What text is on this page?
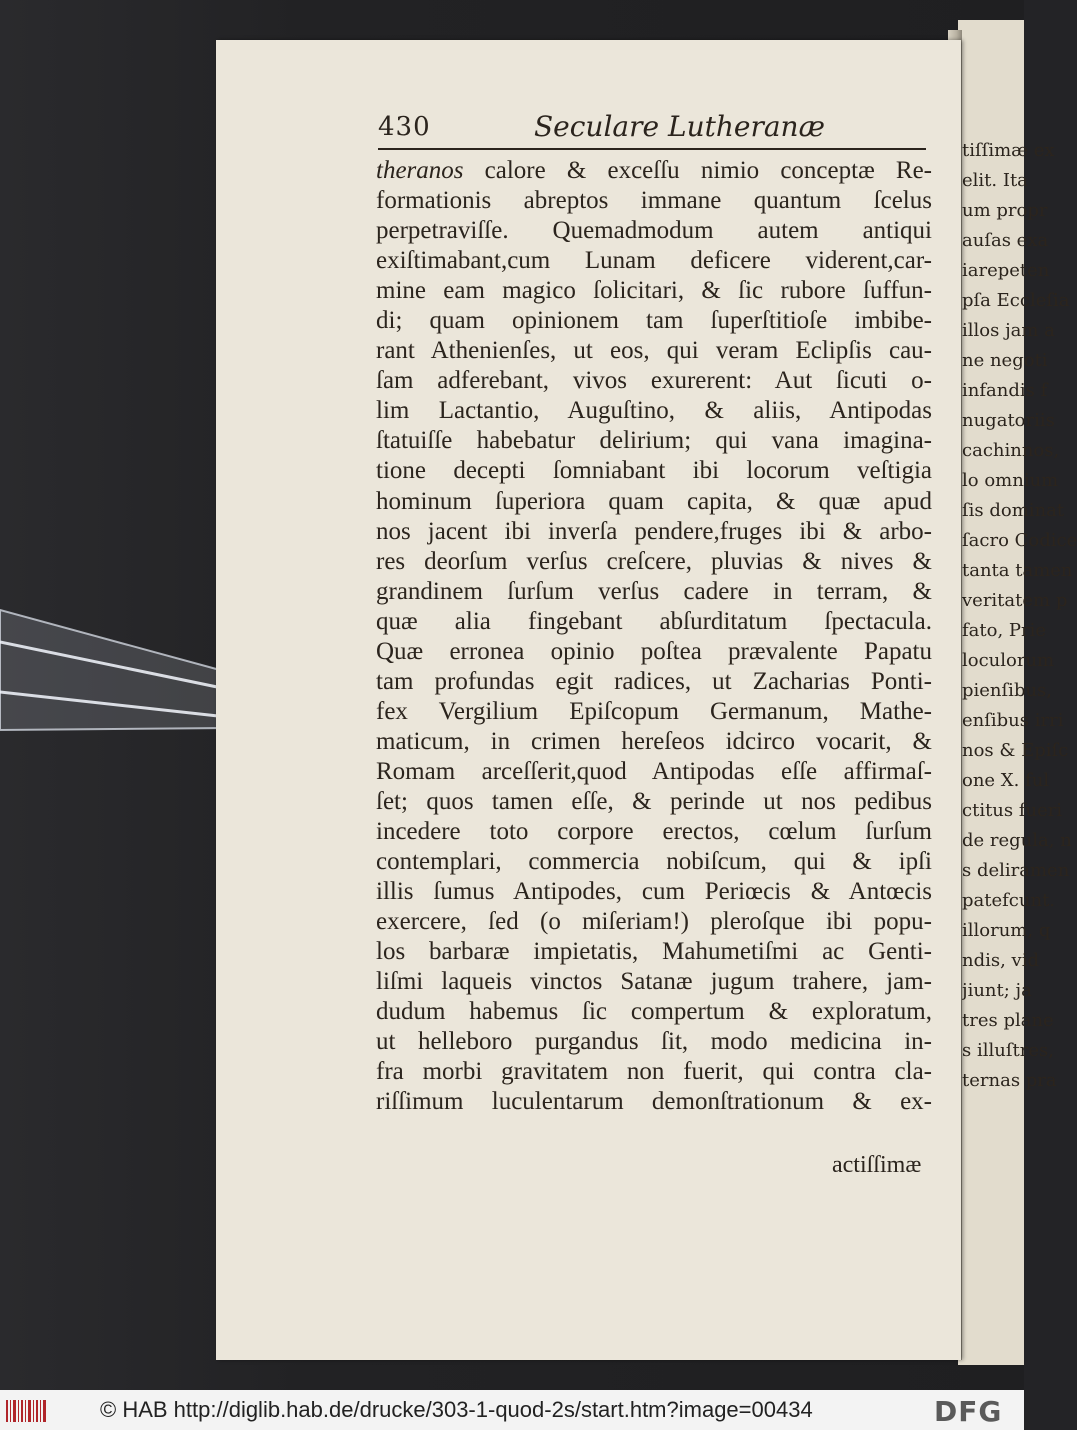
tiſſimæ ex
elit. Ita
um propr
auſas exa
iarepeten
pſa Eccleſia
illos jam a
ne negoti
infandis f
nugatoriis
cachinnos,
lo omnium
ſis dominat
ſacro Codice
tanta tamen
veritatem p
fato, Prie
loculorum
pienſibus,
enſibus irri
nos & Epiſc
one X. ful
ctitus fueri
de regula, n
s deliramen
patefcunt.
illorum, q
ndis, vid
jiunt; ja
tres plane
s illuſtres,
ternas pra
430	Seculare Lutheranæ
theranos calore & exceſſu nimio conceptæ Re-
formationis abreptos immane quantum ſcelus
perpetraviſſe. Quemadmodum autem antiqui
exiſtimabant,cum Lunam deficere viderent,car-
mine eam magico ſolicitari, & ſic rubore ſuffun-
di; quam opinionem tam ſuperſtitioſe imbibe-
rant Athenienſes, ut eos, qui veram Eclipſis cau-
ſam adferebant, vivos exurerent: Aut ſicuti o-
lim Lactantio, Auguſtino, & aliis, Antipodas
ſtatuiſſe habebatur delirium; qui vana imagina-
tione decepti ſomniabant ibi locorum veſtigia
hominum ſuperiora quam capita, & quæ apud
nos jacent ibi inverſa pendere,fruges ibi & arbo-
res deorſum verſus creſcere, pluvias & nives &
grandinem ſurſum verſus cadere in terram, &
quæ alia fingebant abſurditatum ſpectacula.
Quæ erronea opinio poſtea prævalente Papatu
tam profundas egit radices, ut Zacharias Ponti-
fex Vergilium Epiſcopum Germanum, Mathe-
maticum, in crimen hereſeos idcirco vocarit, &
Romam arceſſerit,quod Antipodas eſſe affirmaſ-
ſet; quos tamen eſſe, & perinde ut nos pedibus
incedere toto corpore erectos, cœlum ſurſum
contemplari, commercia nobiſcum, qui & ipſi
illis ſumus Antipodes, cum Periœcis & Antœcis
exercere, ſed (o miſeriam!) pleroſque ibi popu-
los barbaræ impietatis, Mahumetiſmi ac Genti-
liſmi laqueis vinctos Satanæ jugum trahere, jam-
dudum habemus ſic compertum & exploratum,
ut helleboro purgandus ſit, modo medicina in-
fra morbi gravitatem non fuerit, qui contra cla-
riſſimum luculentarum demonſtrationum & ex-
actiſſimæ
© HAB http://diglib.hab.de/drucke/303-1-quod-2s/start.htm?image=00434	DFG
